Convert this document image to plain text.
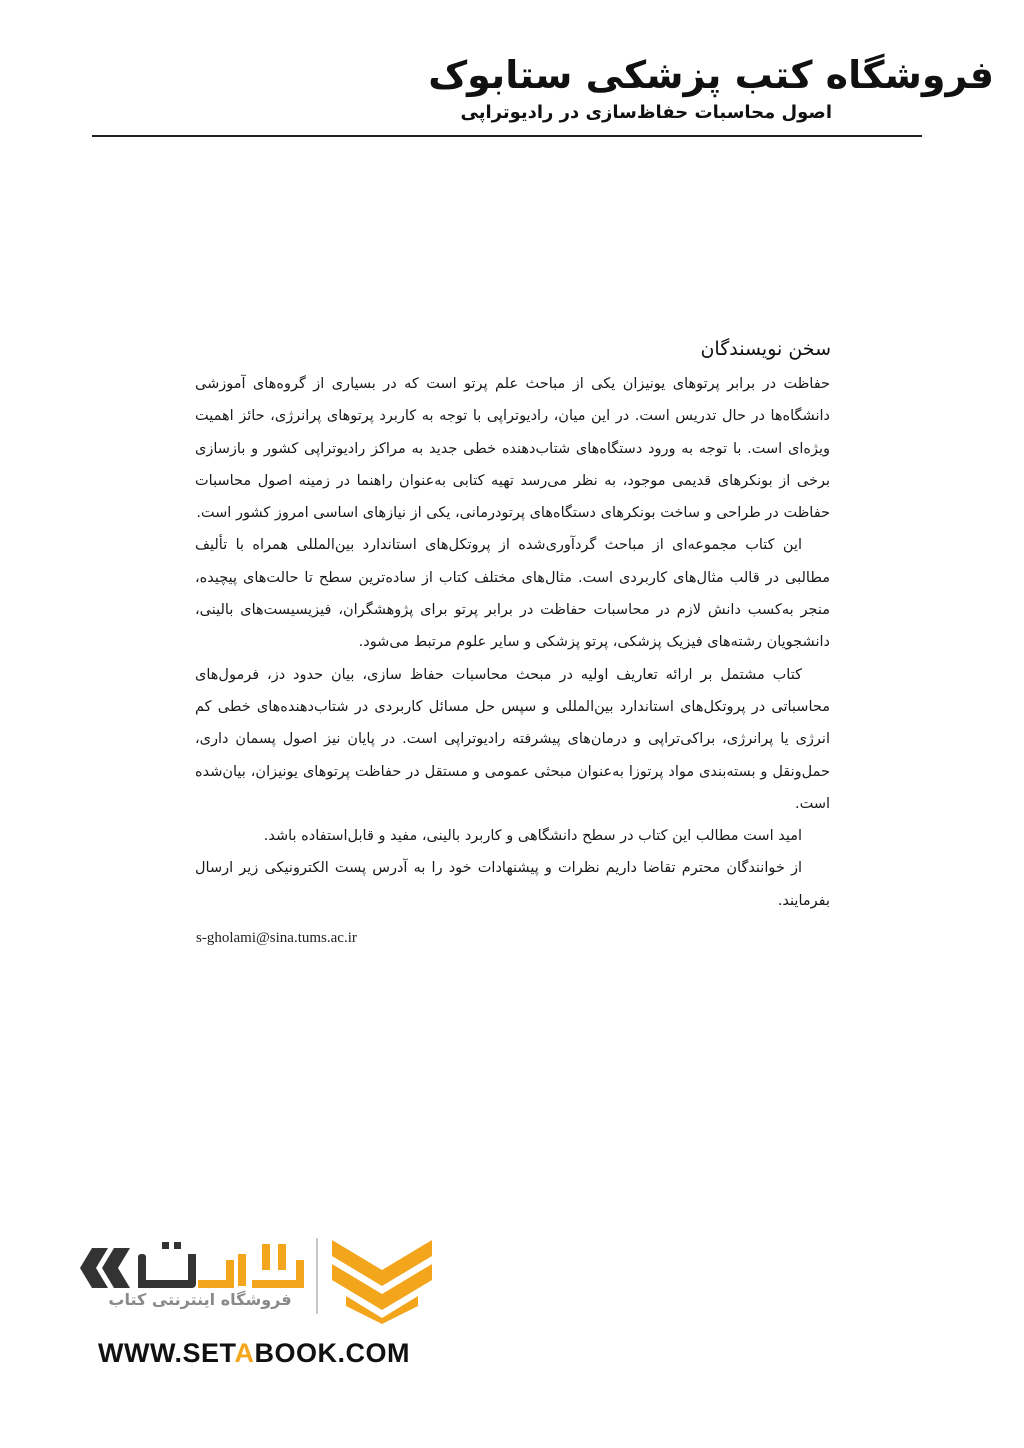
فروشگاه کتب پزشکی ستابوک
اصول محاسبات حفاظ‌سازی در رادیوتراپی
سخن نویسندگان

حفاظت در برابر پرتوهای یونیزان یکی از مباحث علم پرتو است که در بسیاری از گروه‌های آموزشی دانشگاه‌ها در حال تدریس است. در این میان، رادیوتراپی با توجه به کاربرد پرتوهای پرانرژی، حائز اهمیت ویژه‌ای است. با توجه به ورود دستگاه‌های شتاب‌دهنده خطی جدید به مراکز رادیوتراپی کشور و بازسازی برخی از بونکرهای قدیمی موجود، به نظر می‌رسد تهیه کتابی به‌عنوان راهنما در زمینه اصول محاسبات حفاظت در طراحی و ساخت بونکرهای دستگاه‌های پرتودرمانی، یکی از نیازهای اساسی امروز کشور است.

این کتاب مجموعه‌ای از مباحث گردآوری‌شده از پروتکل‌های استاندارد بین‌المللی همراه با تألیف مطالبی در قالب مثال‌های کاربردی است. مثال‌های مختلف کتاب از ساده‌ترین سطح تا حالت‌های پیچیده، منجر به‌کسب دانش لازم در محاسبات حفاظت در برابر پرتو برای پژوهشگران، فیزیسیست‌های بالینی، دانشجویان رشته‌های فیزیک پزشکی، پرتو پزشکی و سایر علوم مرتبط می‌شود.

کتاب مشتمل بر ارائه تعاریف اولیه در مبحث محاسبات حفاظ سازی، بیان حدود دز، فرمول‌های محاسباتی در پروتکل‌های استاندارد بین‌المللی و سپس حل مسائل کاربردی در شتاب‌دهنده‌های خطی کم انرژی یا پرانرژی، براکی‌تراپی و درمان‌های پیشرفته رادیوتراپی است. در پایان نیز اصول پسمان داری، حمل‌ونقل و بسته‌بندی مواد پرتوزا به‌عنوان مبحثی عمومی و مستقل در حفاظت پرتوهای یونیزان، بیان‌شده است.

امید است مطالب این کتاب در سطح دانشگاهی و کاربرد بالینی، مفید و قابل‌استفاده باشد.

از خوانندگان محترم تقاضا داریم نظرات و پیشنهادات خود را به آدرس پست الکترونیکی زیر ارسال بفرمایند.

s-gholami@sina.tums.ac.ir
فروشگاه اینترنتی کتاب
WWW.SETABOOK.COM
